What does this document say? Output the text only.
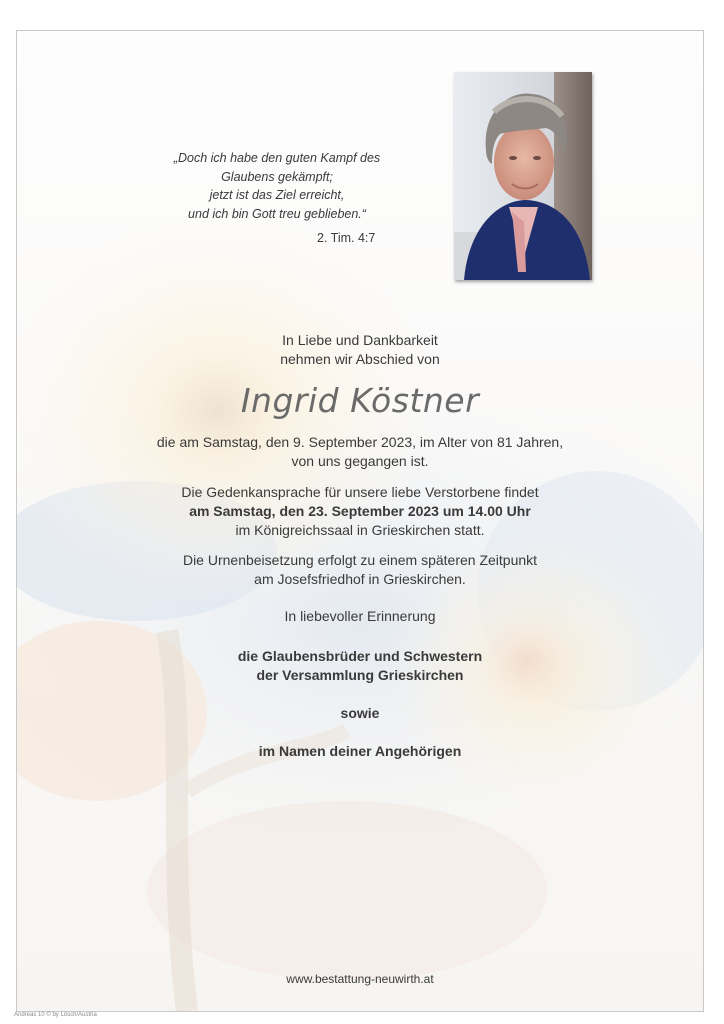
„Doch ich habe den guten Kampf des
Glaubens gekämpft;
jetzt ist das Ziel erreicht,
und ich bin Gott treu geblieben.“
2. Tim. 4:7
In Liebe und Dankbarkeit
nehmen wir Abschied von
Ingrid Köstner
die am Samstag, den 9. September 2023, im Alter von 81 Jahren,
von uns gegangen ist.
Die Gedenkansprache für unsere liebe Verstorbene findet
am Samstag, den 23. September 2023 um 14.00 Uhr
im Königreichssaal in Grieskirchen statt.
Die Urnenbeisetzung erfolgt zu einem späteren Zeitpunkt
am Josefsfriedhof in Grieskirchen.
In liebevoller Erinnerung
die Glaubensbrüder und Schwestern
der Versammlung Grieskirchen
sowie
im Namen deiner Angehörigen
www.bestattung-neuwirth.at
Andreas 10 © by Lösch/Austria
